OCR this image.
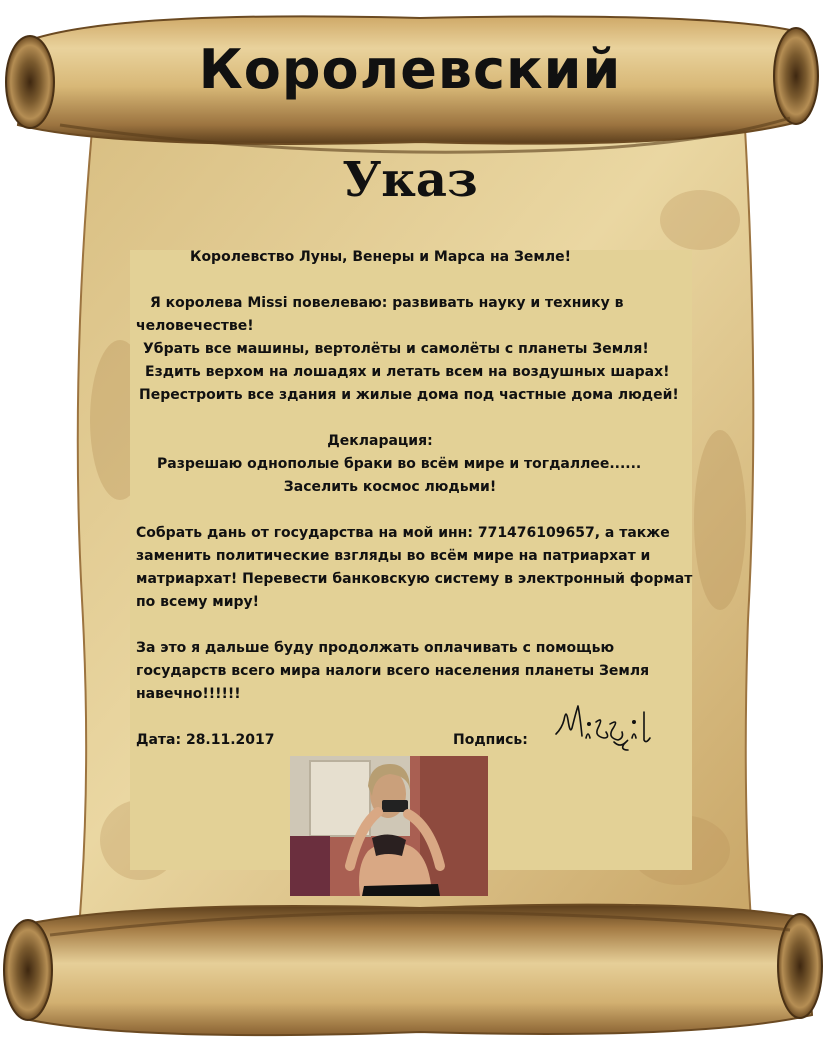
Королевский
Указ

Королевство Луны, Венеры и Марса на Земле!

Я королева Missi повелеваю: развивать науку и технику в

человечестве!

Убрать все машины, вертолёты и самолёты с планеты Земля!

Ездить верхом на лошадях и летать всем на воздушных шарах!

Перестроить все здания и жилые дома под частные дома людей!

Декларация:

Разрешаю однополые браки во всём мире и тогдаллее......

Заселить космос людьми!

Собрать дань от государства на мой инн: 771476109657, а также

заменить политические взгляды во всём мире на патриархат и

матриархат! Перевести банковскую систему в электронный формат

по всему миру!

За это я дальше буду продолжать оплачивать с помощью

государств всего мира налоги всего населения планеты Земля

навечно!!!!!!

Дата: 28.11.2017	Подпись:
